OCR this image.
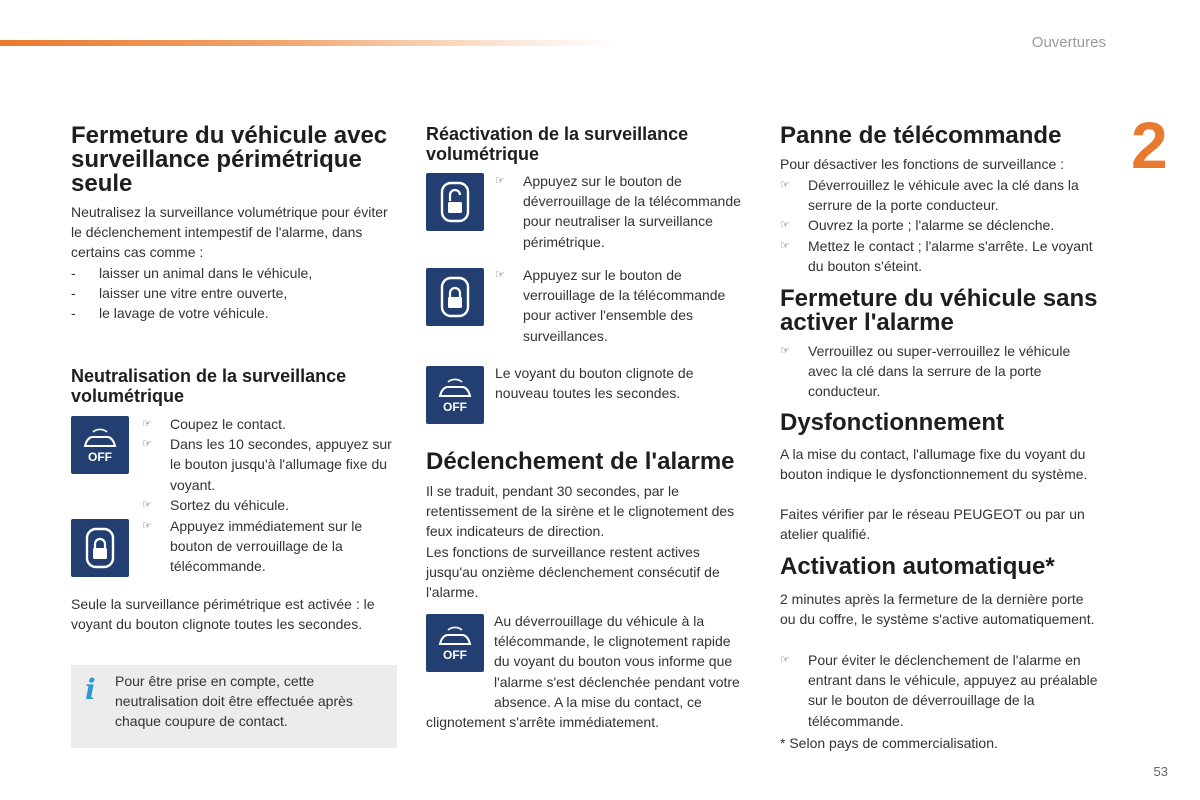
Ouvertures
2
53
Fermeture du véhicule avec surveillance périmétrique seule

Neutralisez la surveillance volumétrique pour éviter le déclenchement intempestif de l'alarme, dans certains cas comme :

- laisser un animal dans le véhicule,
- laisser une vitre entre ouverte,
- le lavage de votre véhicule.
Neutralisation de la surveillance volumétrique
OFF
☞ Coupez le contact.
☞ Dans les 10 secondes, appuyez sur le bouton jusqu'à l'allumage fixe du voyant.
☞ Sortez du véhicule.
☞ Appuyez immédiatement sur le bouton de verrouillage de la télécommande.

Seule la surveillance périmétrique est activée : le voyant du bouton clignote toutes les secondes.

i Pour être prise en compte, cette neutralisation doit être effectuée après chaque coupure de contact.
Réactivation de la surveillance volumétrique
☞ Appuyez sur le bouton de déverrouillage de la télécommande pour neutraliser la surveillance périmétrique.
☞ Appuyez sur le bouton de verrouillage de la télécommande pour activer l'ensemble des surveillances.
OFF

Le voyant du bouton clignote de nouveau toutes les secondes.

Déclenchement de l'alarme

Il se traduit, pendant 30 secondes, par le retentissement de la sirène et le clignotement des feux indicateurs de direction.

Les fonctions de surveillance restent actives jusqu'au onzième déclenchement consécutif de l'alarme.

OFF

Au déverrouillage du véhicule à la télécommande, le clignotement rapide du voyant du bouton vous informe que l'alarme s'est déclenchée pendant votre absence. A la mise du contact, ce clignotement s'arrête immédiatement.

Panne de télécommande

Pour désactiver les fonctions de surveillance :

☞ Déverrouillez le véhicule avec la clé dans la serrure de la porte conducteur.
☞ Ouvrez la porte ; l'alarme se déclenche.
☞ Mettez le contact ; l'alarme s'arrête. Le voyant du bouton s'éteint.
Fermeture du véhicule sans activer l'alarme
☞ Verrouillez ou super-verrouillez le véhicule avec la clé dans la serrure de la porte conducteur.
Dysfonctionnement

A la mise du contact, l'allumage fixe du voyant du bouton indique le dysfonctionnement du système.

Faites vérifier par le réseau PEUGEOT ou par un atelier qualifié.

Activation automatique*

2 minutes après la fermeture de la dernière porte ou du coffre, le système s'active automatiquement.

☞ Pour éviter le déclenchement de l'alarme en entrant dans le véhicule, appuyez au préalable sur le bouton de déverrouillage de la télécommande.

* Selon pays de commercialisation.
